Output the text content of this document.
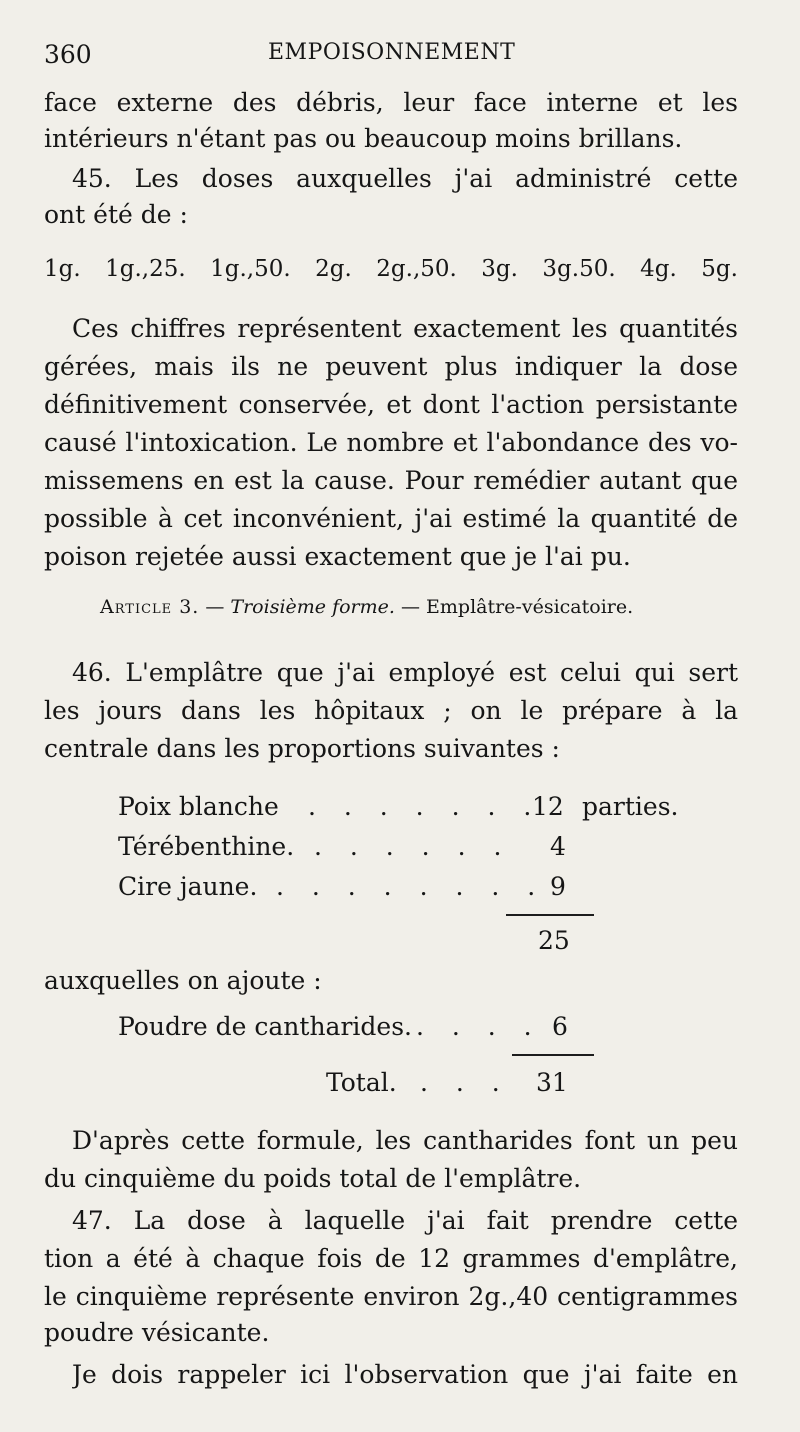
360	EMPOISONNEMENT
face externe des débris, leur face interne et les
intérieurs n'étant pas ou beaucoup moins brillans.
45. Les doses auxquelles j'ai administré cette
ont été de :
1g. 1g.,25. 1g.,50. 2g. 2g.,50. 3g. 3g.50. 4g. 5g.
Ces chiffres représentent exactement les quantités
gérées, mais ils ne peuvent plus indiquer la dose
définitivement conservée, et dont l'action persistante
causé l'intoxication. Le nombre et l'abondance des vo-
missemens en est la cause. Pour remédier autant que
possible à cet inconvénient, j'ai estimé la quantité de
poison rejetée aussi exactement que je l'ai pu.
Article 3. — Troisième forme. — Emplâtre-vésicatoire.
46. L'emplâtre que j'ai employé est celui qui sert
les jours dans les hôpitaux ; on le prépare à la
centrale dans les proportions suivantes :
Poix blanche . . . . . . .
12 parties.
Térébenthine. . . . . . . 4
Cire jaune. . . . . . . . . 9
25
auxquelles on ajoute :
Poudre de cantharides. . . . . 6
Total. . . . 31
D'après cette formule, les cantharides font un peu
du cinquième du poids total de l'emplâtre.
47. La dose à laquelle j'ai fait prendre cette
tion a été à chaque fois de 12 grammes d'emplâtre,
le cinquième représente environ 2g.,40 centigrammes
poudre vésicante.
Je dois rappeler ici l'observation que j'ai faite en
